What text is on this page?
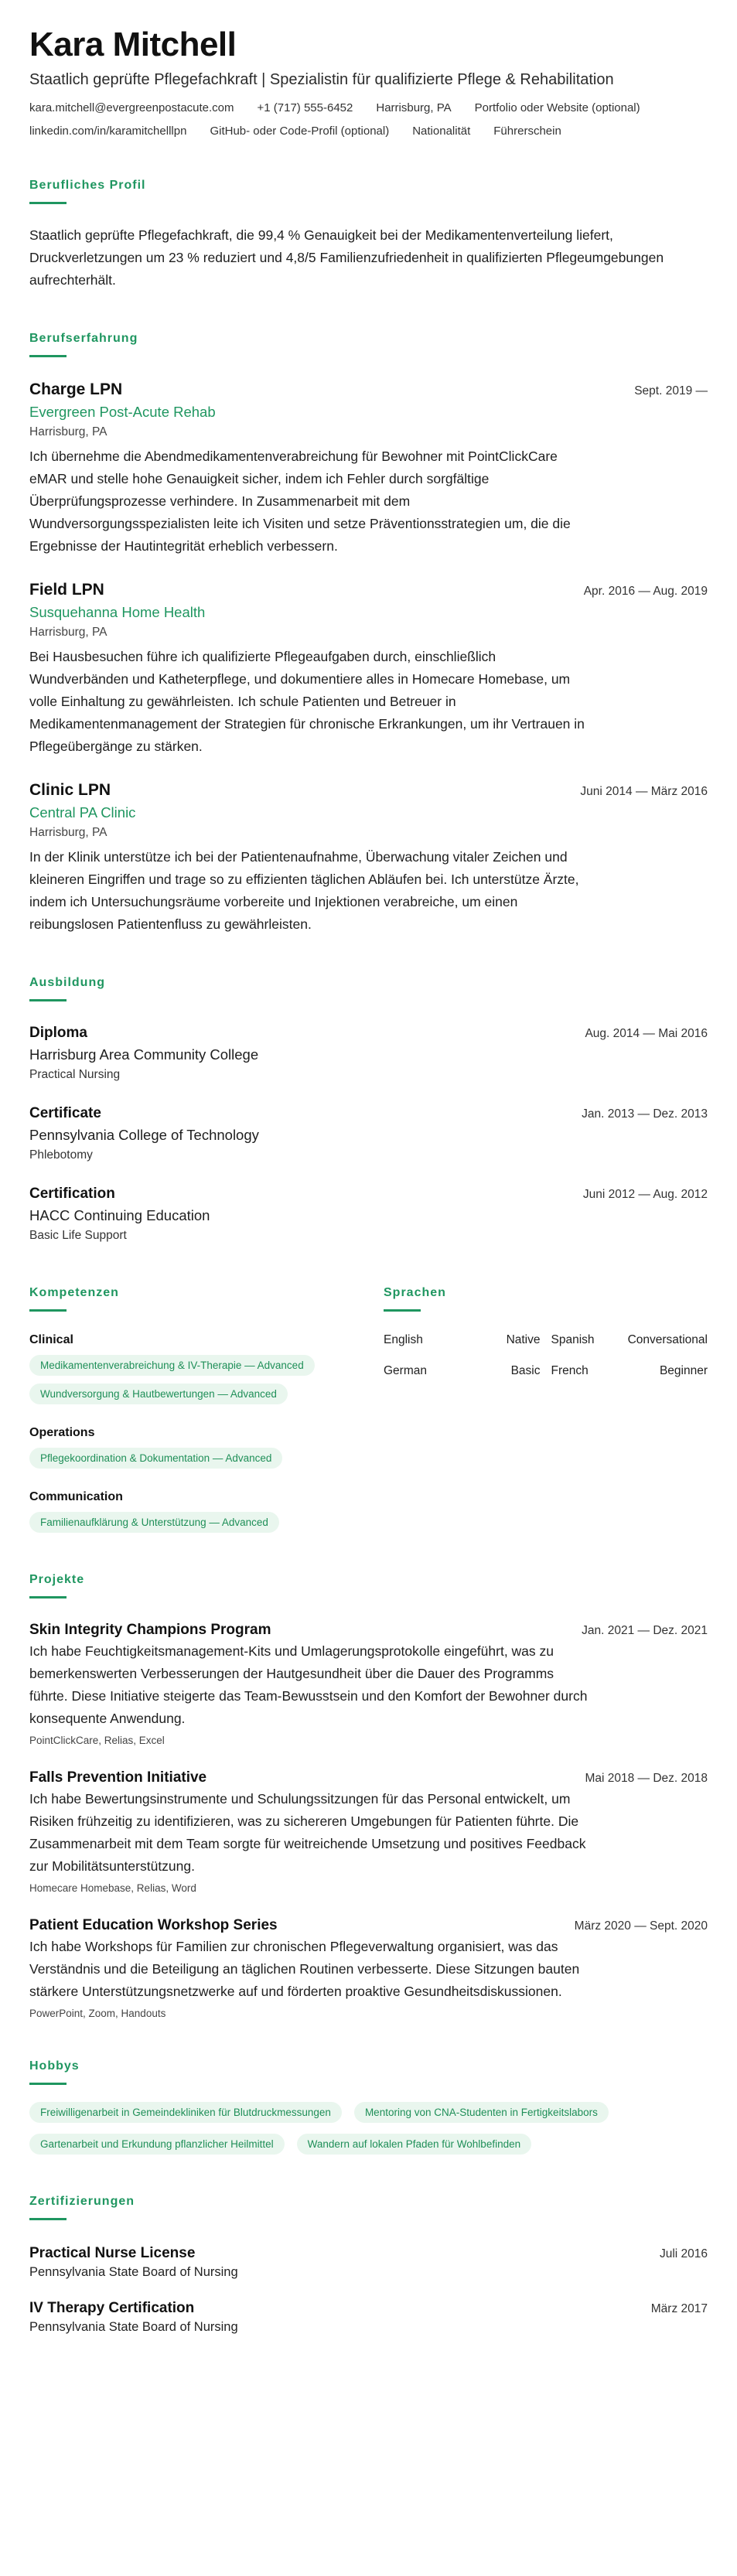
Kara Mitchell
Staatlich geprüfte Pflegefachkraft | Spezialistin für qualifizierte Pflege & Rehabilitation
kara.mitchell@evergreenpostacute.com +1 (717) 555-6452 Harrisburg, PA Portfolio oder Website (optional)
linkedin.com/in/karamitchelllpn GitHub- oder Code-Profil (optional) Nationalität Führerschein
Berufliches Profil

Staatlich geprüfte Pflegefachkraft, die 99,4 % Genauigkeit bei der Medikamentenverteilung liefert, Druckverletzungen um 23 % reduziert und 4,8/5 Familienzufriedenheit in qualifizierten Pflegeumgebungen aufrechterhält.

Berufserfahrung
Charge LPN	Sept. 2019 —
Evergreen Post-Acute Rehab
Harrisburg, PA

Ich übernehme die Abendmedikamentenverabreichung für Bewohner mit PointClickCare eMAR und stelle hohe Genauigkeit sicher, indem ich Fehler durch sorgfältige Überprüfungsprozesse verhindere. In Zusammenarbeit mit dem Wundversorgungsspezialisten leite ich Visiten und setze Präventionsstrategien um, die die Ergebnisse der Hautintegrität erheblich verbessern.

Field LPN	Apr. 2016 — Aug. 2019
Susquehanna Home Health
Harrisburg, PA

Bei Hausbesuchen führe ich qualifizierte Pflegeaufgaben durch, einschließlich Wundverbänden und Katheterpflege, und dokumentiere alles in Homecare Homebase, um volle Einhaltung zu gewährleisten. Ich schule Patienten und Betreuer in Medikamentenmanagement der Strategien für chronische Erkrankungen, um ihr Vertrauen in Pflegeübergänge zu stärken.

Clinic LPN	Juni 2014 — März 2016
Central PA Clinic
Harrisburg, PA

In der Klinik unterstütze ich bei der Patientenaufnahme, Überwachung vitaler Zeichen und kleineren Eingriffen und trage so zu effizienten täglichen Abläufen bei. Ich unterstütze Ärzte, indem ich Untersuchungsräume vorbereite und Injektionen verabreiche, um einen reibungslosen Patientenfluss zu gewährleisten.

Ausbildung
Diploma	Aug. 2014 — Mai 2016
Harrisburg Area Community College
Practical Nursing
Certificate	Jan. 2013 — Dez. 2013
Pennsylvania College of Technology
Phlebotomy
Certification	Juni 2012 — Aug. 2012
HACC Continuing Education
Basic Life Support
Kompetenzen
Clinical
Medikamentenverabreichung & IV-Therapie — Advanced
Wundversorgung & Hautbewertungen — Advanced
Operations
Pflegekoordination & Dokumentation — Advanced
Communication
Familienaufklärung & Unterstützung — Advanced
Sprachen
English	Native Spanish	Conversational
German	Basic French	Beginner
Projekte
Skin Integrity Champions Program	Jan. 2021 — Dez. 2021

Ich habe Feuchtigkeitsmanagement-Kits und Umlagerungsprotokolle eingeführt, was zu bemerkenswerten Verbesserungen der Hautgesundheit über die Dauer des Programms führte. Diese Initiative steigerte das Team-Bewusstsein und den Komfort der Bewohner durch konsequente Anwendung.

PointClickCare, Relias, Excel
Falls Prevention Initiative	Mai 2018 — Dez. 2018

Ich habe Bewertungsinstrumente und Schulungssitzungen für das Personal entwickelt, um Risiken frühzeitig zu identifizieren, was zu sichereren Umgebungen für Patienten führte. Die Zusammenarbeit mit dem Team sorgte für weitreichende Umsetzung und positives Feedback zur Mobilitätsunterstützung.

Homecare Homebase, Relias, Word
Patient Education Workshop Series	März 2020 — Sept. 2020

Ich habe Workshops für Familien zur chronischen Pflegeverwaltung organisiert, was das Verständnis und die Beteiligung an täglichen Routinen verbesserte. Diese Sitzungen bauten stärkere Unterstützungsnetzwerke auf und förderten proaktive Gesundheitsdiskussionen.

PowerPoint, Zoom, Handouts
Hobbys
Freiwilligenarbeit in Gemeindekliniken für Blutdruckmessungen	Mentoring von CNA-Studenten in Fertigkeitslabors
Gartenarbeit und Erkundung pflanzlicher Heilmittel	Wandern auf lokalen Pfaden für Wohlbefinden
Zertifizierungen
Practical Nurse License	Juli 2016
Pennsylvania State Board of Nursing
IV Therapy Certification	März 2017
Pennsylvania State Board of Nursing
